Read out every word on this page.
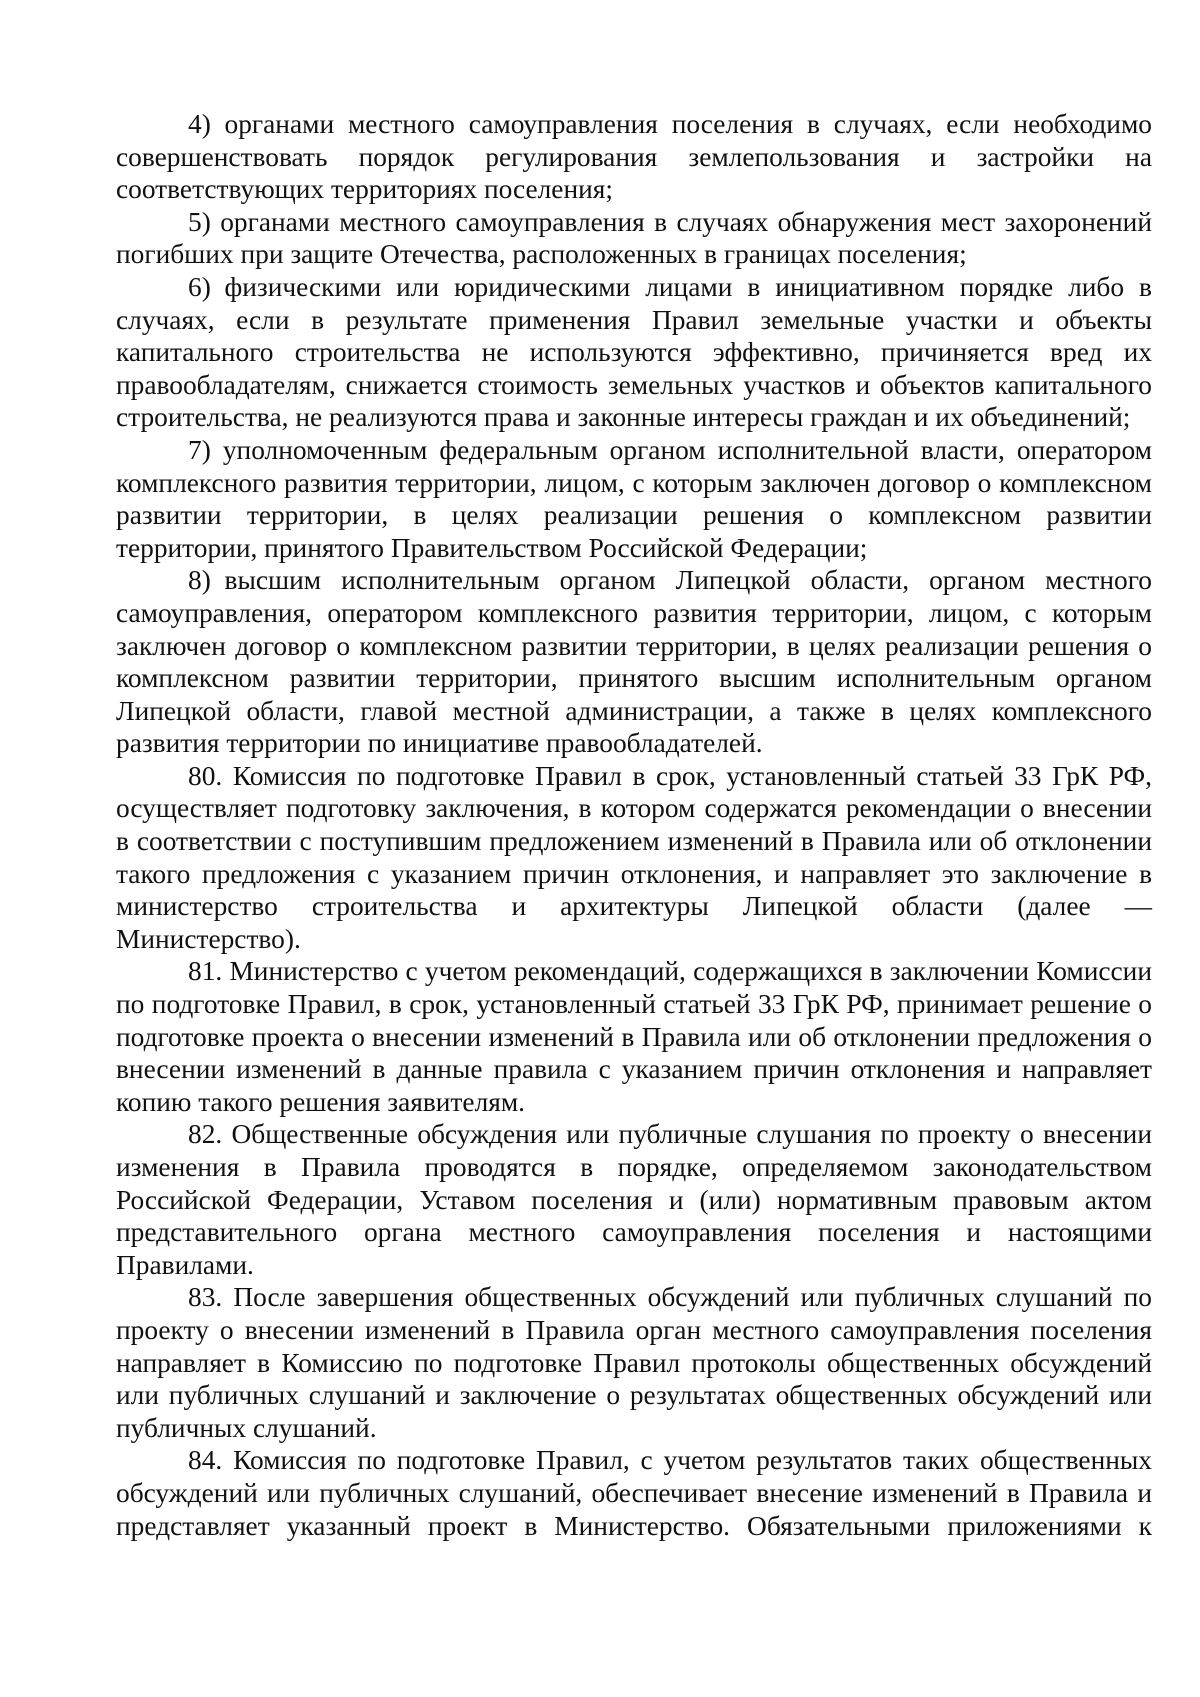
4) органами местного самоуправления поселения в случаях, если необходимо совершенствовать порядок регулирования землепользования и застройки на соответствующих территориях поселения;

5) органами местного самоуправления в случаях обнаружения мест захоронений погибших при защите Отечества, расположенных в границах поселения;

6) физическими или юридическими лицами в инициативном порядке либо в случаях, если в результате применения Правил земельные участки и объекты капитального строительства не используются эффективно, причиняется вред их правообладателям, снижается стоимость земельных участков и объектов капитального строительства, не реализуются права и законные интересы граждан и их объединений;

7) уполномоченным федеральным органом исполнительной власти, оператором комплексного развития территории, лицом, с которым заключен договор о комплексном развитии территории, в целях реализации решения о комплексном развитии территории, принятого Правительством Российской Федерации;

8) высшим исполнительным органом Липецкой области, органом местного самоуправления, оператором комплексного развития территории, лицом, с которым заключен договор о комплексном развитии территории, в целях реализации решения о комплексном развитии территории, принятого высшим исполнительным органом Липецкой области, главой местной администрации, а также в целях комплексного развития территории по инициативе правообладателей.

80. Комиссия по подготовке Правил в срок, установленный статьей 33 ГрК РФ, осуществляет подготовку заключения, в котором содержатся рекомендации о внесении в соответствии с поступившим предложением изменений в Правила или об отклонении такого предложения с указанием причин отклонения, и направляет это заключение в министерство строительства и архитектуры Липецкой области (далее — Министерство).

81. Министерство с учетом рекомендаций, содержащихся в заключении Комиссии по подготовке Правил, в срок, установленный статьей 33 ГрК РФ, принимает решение о подготовке проекта о внесении изменений в Правила или об отклонении предложения о внесении изменений в данные правила с указанием причин отклонения и направляет копию такого решения заявителям.

82. Общественные обсуждения или публичные слушания по проекту о внесении изменения в Правила проводятся в порядке, определяемом законодательством Российской Федерации, Уставом поселения и (или) нормативным правовым актом представительного органа местного самоуправления поселения и настоящими Правилами.

83. После завершения общественных обсуждений или публичных слушаний по проекту о внесении изменений в Правила орган местного самоуправления поселения направляет в Комиссию по подготовке Правил протоколы общественных обсуждений или публичных слушаний и заключение о результатах общественных обсуждений или публичных слушаний.

84. Комиссия по подготовке Правил, с учетом результатов таких общественных обсуждений или публичных слушаний, обеспечивает внесение изменений в Правила и представляет указанный проект в Министерство. Обязательными приложениями к
